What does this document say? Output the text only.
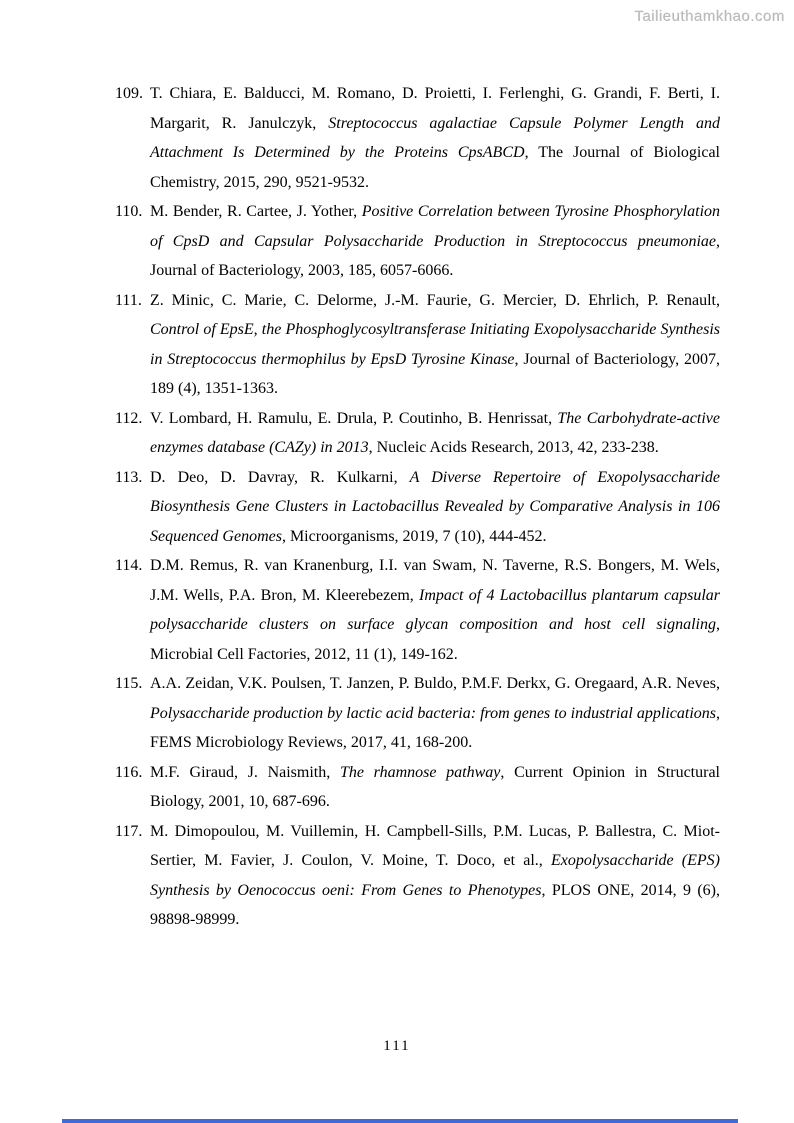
Tailieuthamkhao.com
109. T. Chiara, E. Balducci, M. Romano, D. Proietti, I. Ferlenghi, G. Grandi, F. Berti, I. Margarit, R. Janulczyk, Streptococcus agalactiae Capsule Polymer Length and Attachment Is Determined by the Proteins CpsABCD, The Journal of Biological Chemistry, 2015, 290, 9521-9532.
110. M. Bender, R. Cartee, J. Yother, Positive Correlation between Tyrosine Phosphorylation of CpsD and Capsular Polysaccharide Production in Streptococcus pneumoniae, Journal of Bacteriology, 2003, 185, 6057-6066.
111. Z. Minic, C. Marie, C. Delorme, J.-M. Faurie, G. Mercier, D. Ehrlich, P. Renault, Control of EpsE, the Phosphoglycosyltransferase Initiating Exopolysaccharide Synthesis in Streptococcus thermophilus by EpsD Tyrosine Kinase, Journal of Bacteriology, 2007, 189 (4), 1351-1363.
112. V. Lombard, H. Ramulu, E. Drula, P. Coutinho, B. Henrissat, The Carbohydrate-active enzymes database (CAZy) in 2013, Nucleic Acids Research, 2013, 42, 233-238.
113. D. Deo, D. Davray, R. Kulkarni, A Diverse Repertoire of Exopolysaccharide Biosynthesis Gene Clusters in Lactobacillus Revealed by Comparative Analysis in 106 Sequenced Genomes, Microorganisms, 2019, 7 (10), 444-452.
114. D.M. Remus, R. van Kranenburg, I.I. van Swam, N. Taverne, R.S. Bongers, M. Wels, J.M. Wells, P.A. Bron, M. Kleerebezem, Impact of 4 Lactobacillus plantarum capsular polysaccharide clusters on surface glycan composition and host cell signaling, Microbial Cell Factories, 2012, 11 (1), 149-162.
115. A.A. Zeidan, V.K. Poulsen, T. Janzen, P. Buldo, P.M.F. Derkx, G. Oregaard, A.R. Neves, Polysaccharide production by lactic acid bacteria: from genes to industrial applications, FEMS Microbiology Reviews, 2017, 41, 168-200.
116. M.F. Giraud, J. Naismith, The rhamnose pathway, Current Opinion in Structural Biology, 2001, 10, 687-696.
117. M. Dimopoulou, M. Vuillemin, H. Campbell-Sills, P.M. Lucas, P. Ballestra, C. Miot-Sertier, M. Favier, J. Coulon, V. Moine, T. Doco, et al., Exopolysaccharide (EPS) Synthesis by Oenococcus oeni: From Genes to Phenotypes, PLOS ONE, 2014, 9 (6), 98898-98999.
111
